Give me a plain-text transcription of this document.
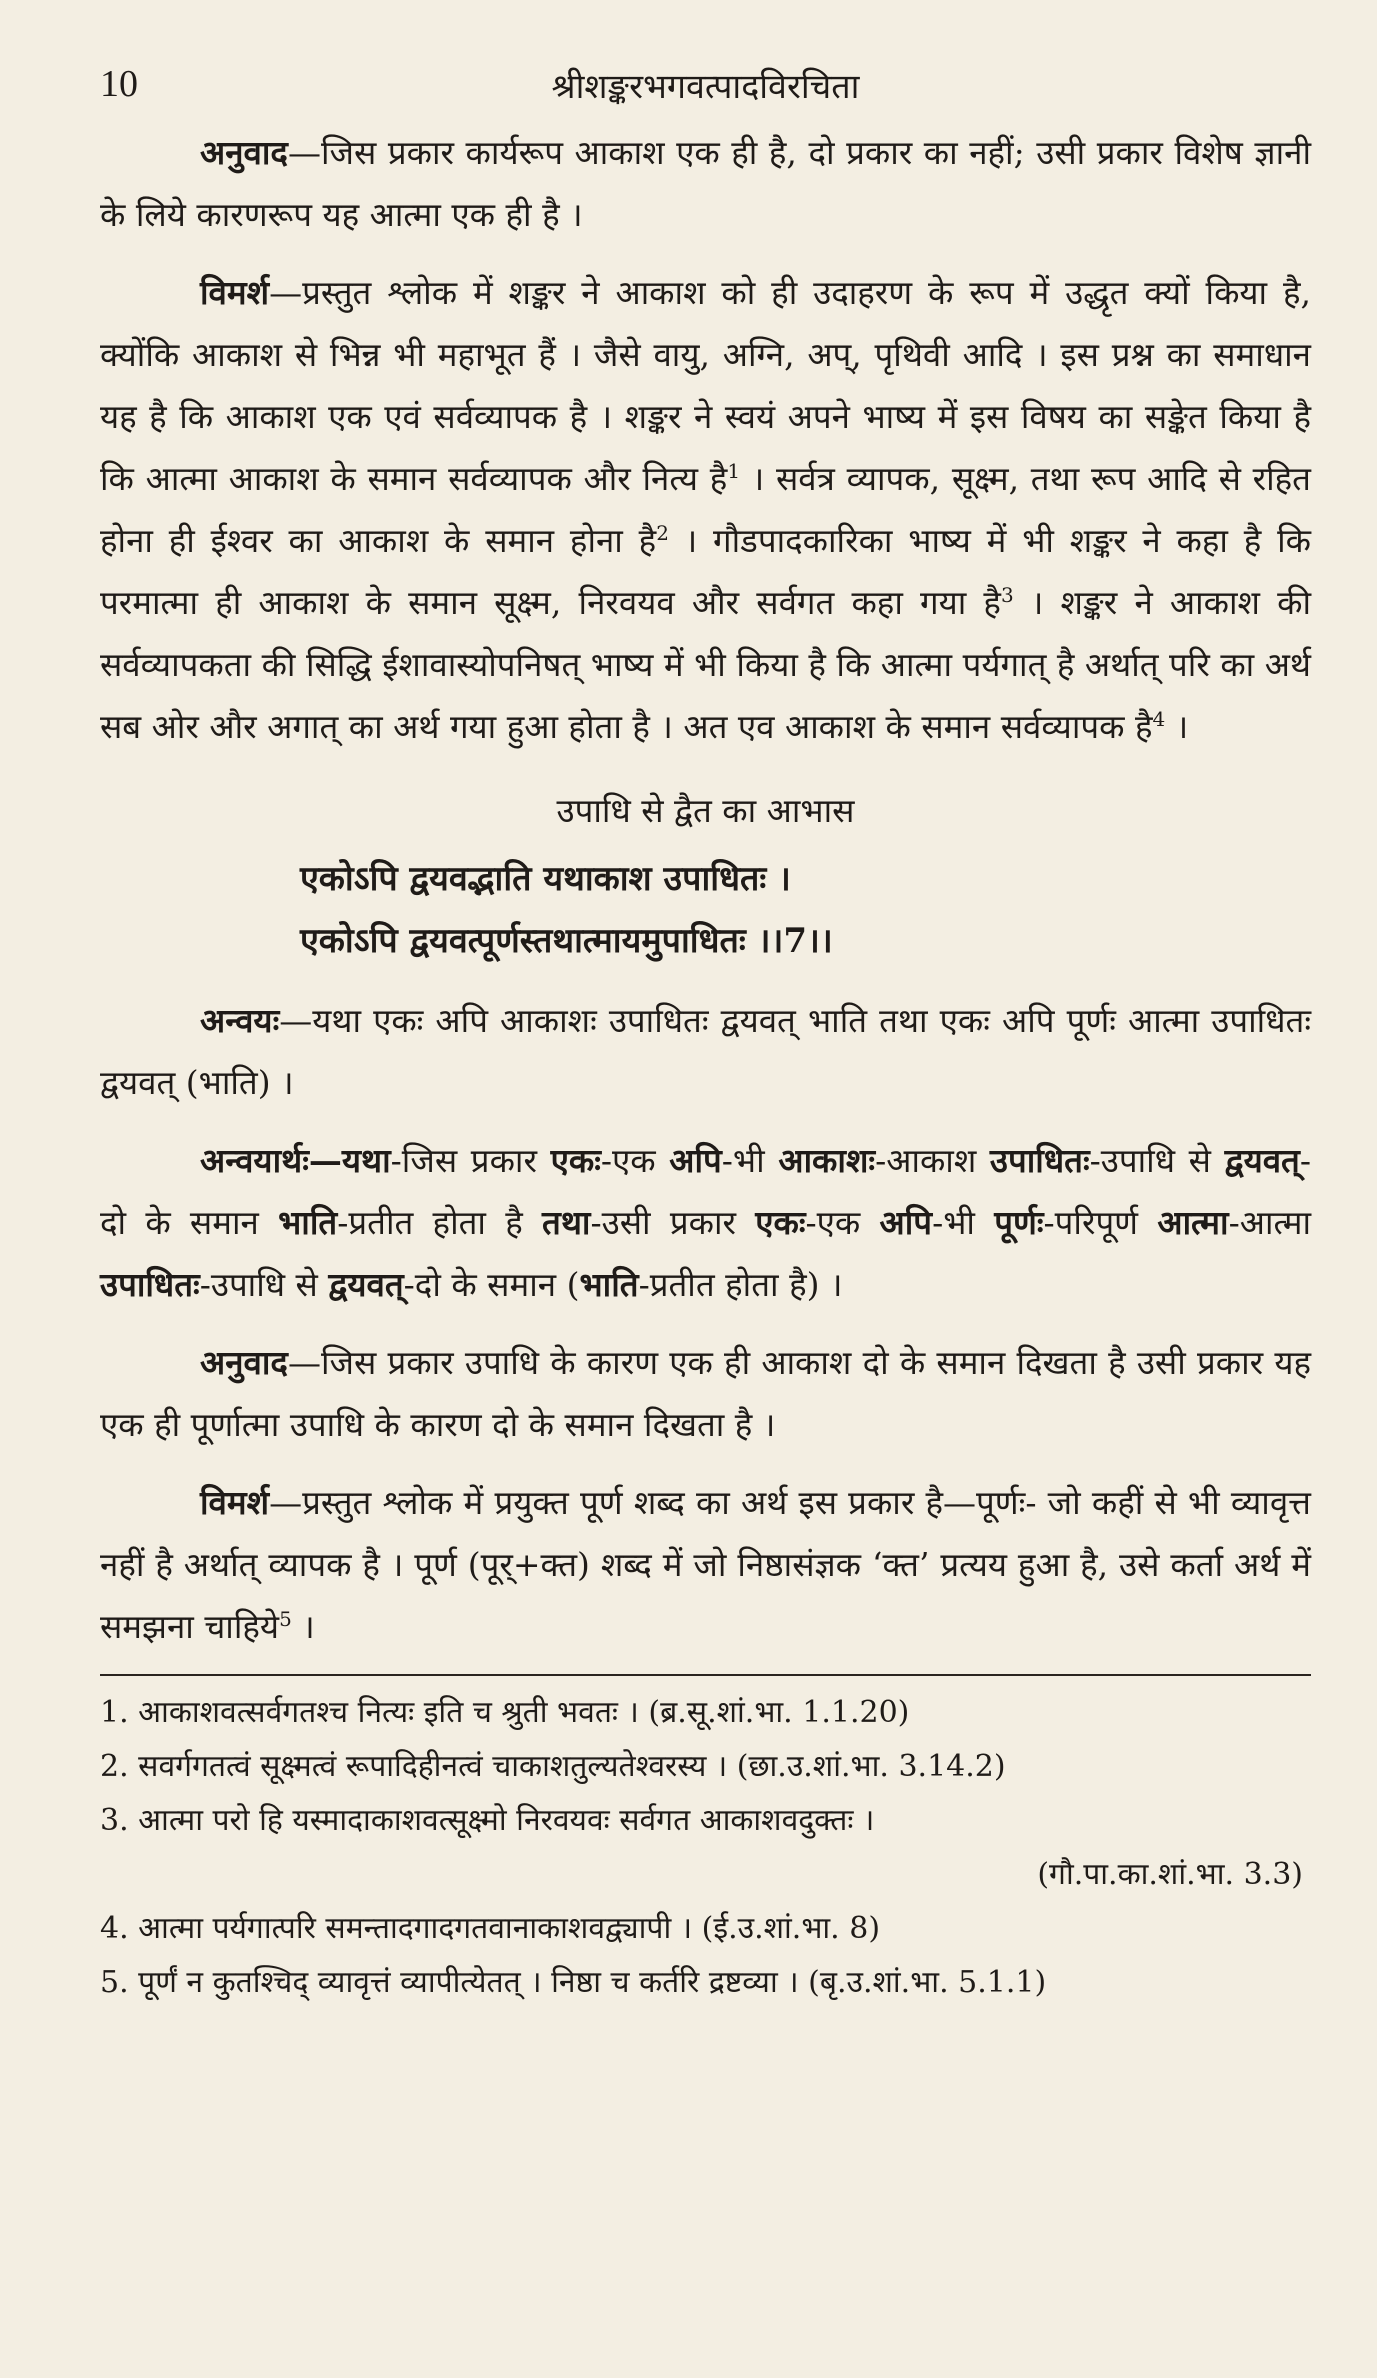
10	श्रीशङ्करभगवत्पादविरचिता

अनुवाद—जिस प्रकार कार्यरूप आकाश एक ही है, दो प्रकार का नहीं; उसी प्रकार विशेष ज्ञानी के लिये कारणरूप यह आत्मा एक ही है ।

विमर्श—प्रस्तुत श्लोक में शङ्कर ने आकाश को ही उदाहरण के रूप में उद्धृत क्यों किया है, क्योंकि आकाश से भिन्न भी महाभूत हैं । जैसे वायु, अग्नि, अप्, पृथिवी आदि । इस प्रश्न का समाधान यह है कि आकाश एक एवं सर्वव्यापक है । शङ्कर ने स्वयं अपने भाष्य में इस विषय का सङ्केत किया है कि आत्मा आकाश के समान सर्वव्यापक और नित्य है$^1$ । सर्वत्र व्यापक, सूक्ष्म, तथा रूप आदि से रहित होना ही ईश्वर का आकाश के समान होना है$^2$ । गौडपादकारिका भाष्य में भी शङ्कर ने कहा है कि परमात्मा ही आकाश के समान सूक्ष्म, निरवयव और सर्वगत कहा गया है$^3$ । शङ्कर ने आकाश की सर्वव्यापकता की सिद्धि ईशावास्योपनिषत् भाष्य में भी किया है कि आत्मा पर्यगात् है अर्थात् परि का अर्थ सब ओर और अगात् का अर्थ गया हुआ होता है । अत एव आकाश के समान सर्वव्यापक है$^4$ ।

उपाधि से द्वैत का आभास

एकोऽपि द्वयवद्भाति यथाकाश उपाधितः ।

एकोऽपि द्वयवत्पूर्णस्तथात्मायमुपाधितः ।।7।।

अन्वयः—यथा एकः अपि आकाशः उपाधितः द्वयवत् भाति तथा एकः अपि पूर्णः आत्मा उपाधितः द्वयवत् (भाति) ।

अन्वयार्थः—यथा-जिस प्रकार एकः-एक अपि-भी आकाशः-आकाश उपाधितः-उपाधि से द्वयवत्-दो के समान भाति-प्रतीत होता है तथा-उसी प्रकार एकः-एक अपि-भी पूर्णः-परिपूर्ण आत्मा-आत्मा उपाधितः-उपाधि से द्वयवत्-दो के समान (भाति-प्रतीत होता है) ।

अनुवाद—जिस प्रकार उपाधि के कारण एक ही आकाश दो के समान दिखता है उसी प्रकार यह एक ही पूर्णात्मा उपाधि के कारण दो के समान दिखता है ।

विमर्श—प्रस्तुत श्लोक में प्रयुक्त पूर्ण शब्द का अर्थ इस प्रकार है—पूर्णः- जो कहीं से भी व्यावृत्त नहीं है अर्थात् व्यापक है । पूर्ण (पूर्+क्त) शब्द में जो निष्ठासंज्ञक ‘क्त’ प्रत्यय हुआ है, उसे कर्ता अर्थ में समझना चाहिये$^5$ ।

1. आकाशवत्सर्वगतश्च नित्यः इति च श्रुती भवतः । (ब्र.सू.शां.भा. 1.1.20)

2. सवर्गगतत्वं सूक्ष्मत्वं रूपादिहीनत्वं चाकाशतुल्यतेश्वरस्य । (छा.उ.शां.भा. 3.14.2)

3. आत्मा परो हि यस्मादाकाशवत्सूक्ष्मो निरवयवः सर्वगत आकाशवदुक्तः ।

(गौ.पा.का.शां.भा. 3.3)

4. आत्मा पर्यगात्परि समन्तादगादगतवानाकाशवद्व्यापी । (ई.उ.शां.भा. 8)

5. पूर्णं न कुतश्चिद् व्यावृत्तं व्यापीत्येतत् । निष्ठा च कर्तरि द्रष्टव्या । (बृ.उ.शां.भा. 5.1.1)
